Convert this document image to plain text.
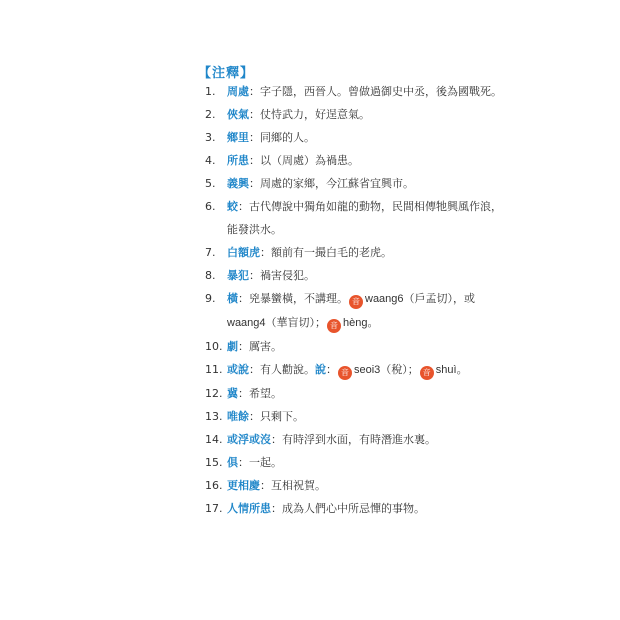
【注釋】
1.	周處：字子隱，西晉人。曾做過御史中丞，後為國戰死。
2.	俠氣：仗恃武力，好逞意氣。
3.	鄉里：同鄉的人。
4.	所患：以（周處）為禍患。
5.	義興：周處的家鄉，今江蘇省宜興市。
6.	蛟：古代傳說中獨角如龍的動物，民間相傳牠興風作浪，能發洪水。
7.	白額虎：額前有一撮白毛的老虎。
8.	暴犯：禍害侵犯。
9.	橫：兇暴蠻橫，不講理。 音 waang6（戶孟切），或waang4（華盲切）； 音 hèng。
10. 劇：厲害。
11. 或說：有人勸說。說： 音 seoi3（稅）； 音 shuì。
12. 冀：希望。
13. 唯餘：只剩下。
14. 或浮或沒：有時浮到水面，有時潛進水裏。
15. 俱：一起。
16. 更相慶：互相祝賀。
17. 人情所患：成為人們心中所忌憚的事物。
